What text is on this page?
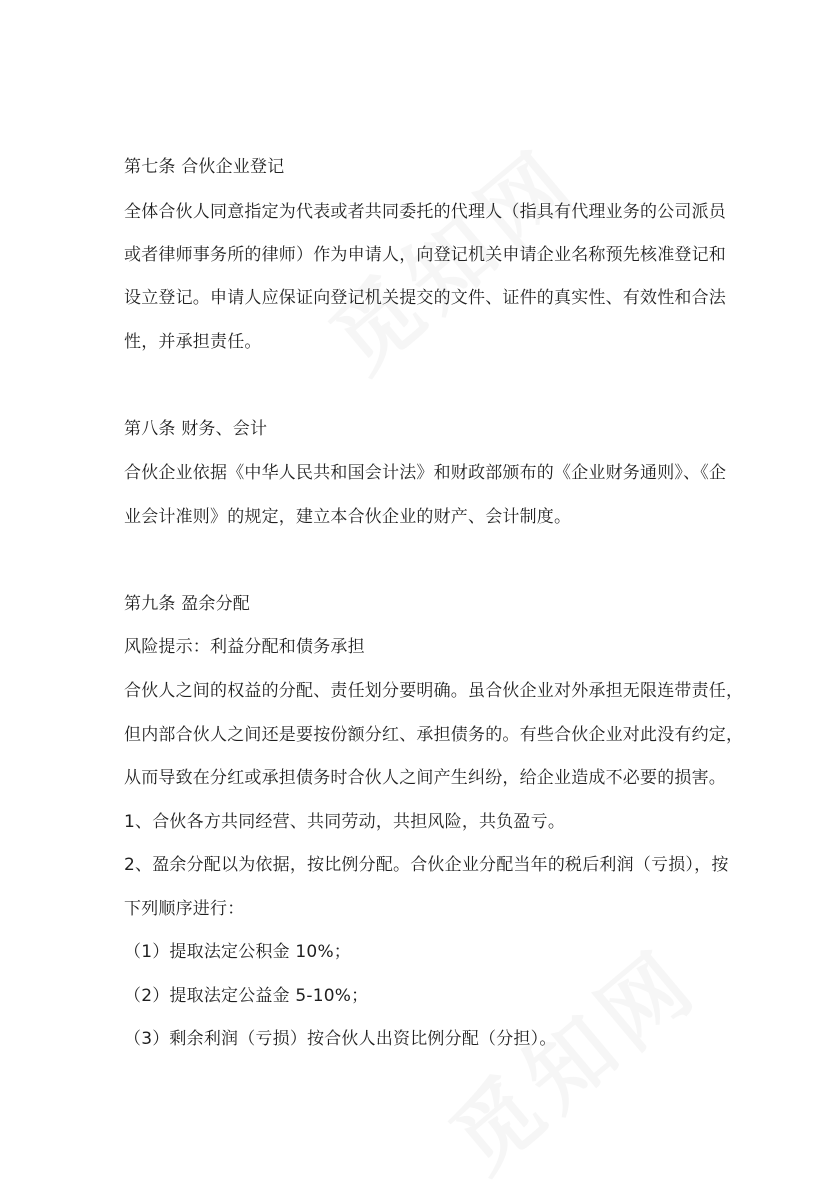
第七条 合伙企业登记

全体合伙人同意指定为代表或者共同委托的代理人（指具有代理业务的公司派员

或者律师事务所的律师）作为申请人，向登记机关申请企业名称预先核准登记和

设立登记。申请人应保证向登记机关提交的文件、证件的真实性、有效性和合法

性，并承担责任。

第八条 财务、会计

合伙企业依据《中华人民共和国会计法》和财政部颁布的《企业财务通则》、《企

业会计准则》的规定，建立本合伙企业的财产、会计制度。

第九条 盈余分配

风险提示：利益分配和债务承担

合伙人之间的权益的分配、责任划分要明确。虽合伙企业对外承担无限连带责任，

但内部合伙人之间还是要按份额分红、承担债务的。有些合伙企业对此没有约定，

从而导致在分红或承担债务时合伙人之间产生纠纷，给企业造成不必要的损害。

1、合伙各方共同经营、共同劳动，共担风险，共负盈亏。

2、盈余分配以为依据，按比例分配。合伙企业分配当年的税后利润（亏损），按

下列顺序进行：

（1）提取法定公积金 10%；

（2）提取法定公益金 5-10%；

（3）剩余利润（亏损）按合伙人出资比例分配（分担）。
